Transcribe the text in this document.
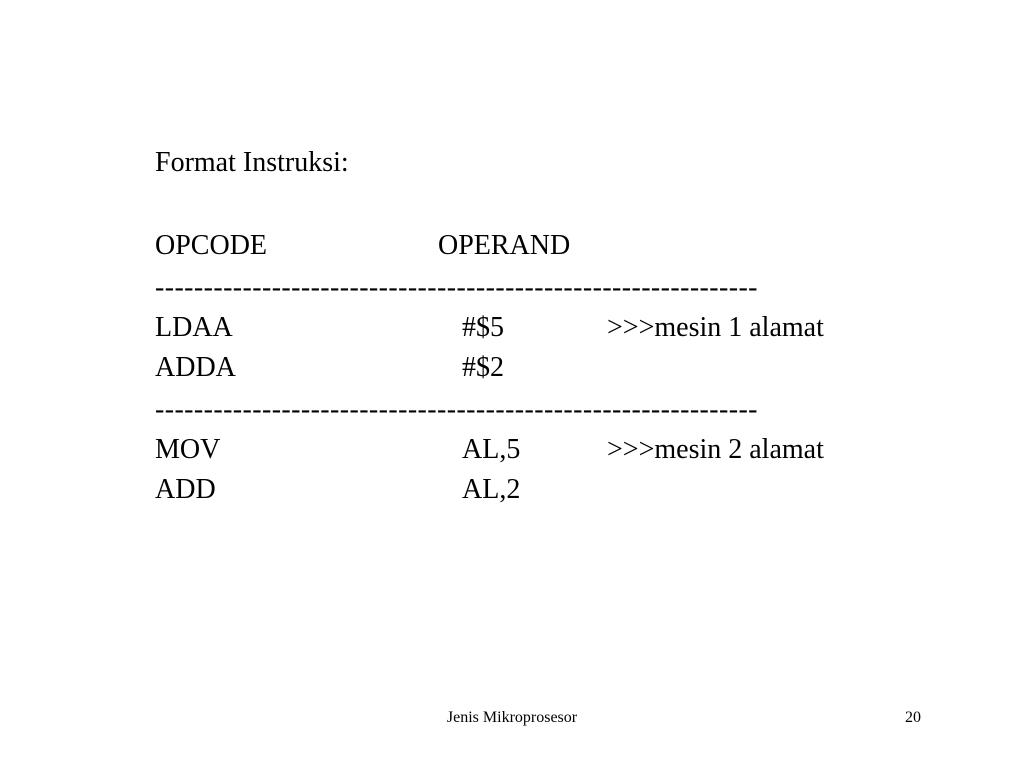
Format Instruksi:
OPCODE	OPERAND
--------------------------------------------------------------
LDAA	#$5	>>>mesin 1 alamat
ADDA	#$2
--------------------------------------------------------------
MOV	AL,5	>>>mesin 2 alamat
ADD	AL,2
Jenis Mikroprosesor	20
